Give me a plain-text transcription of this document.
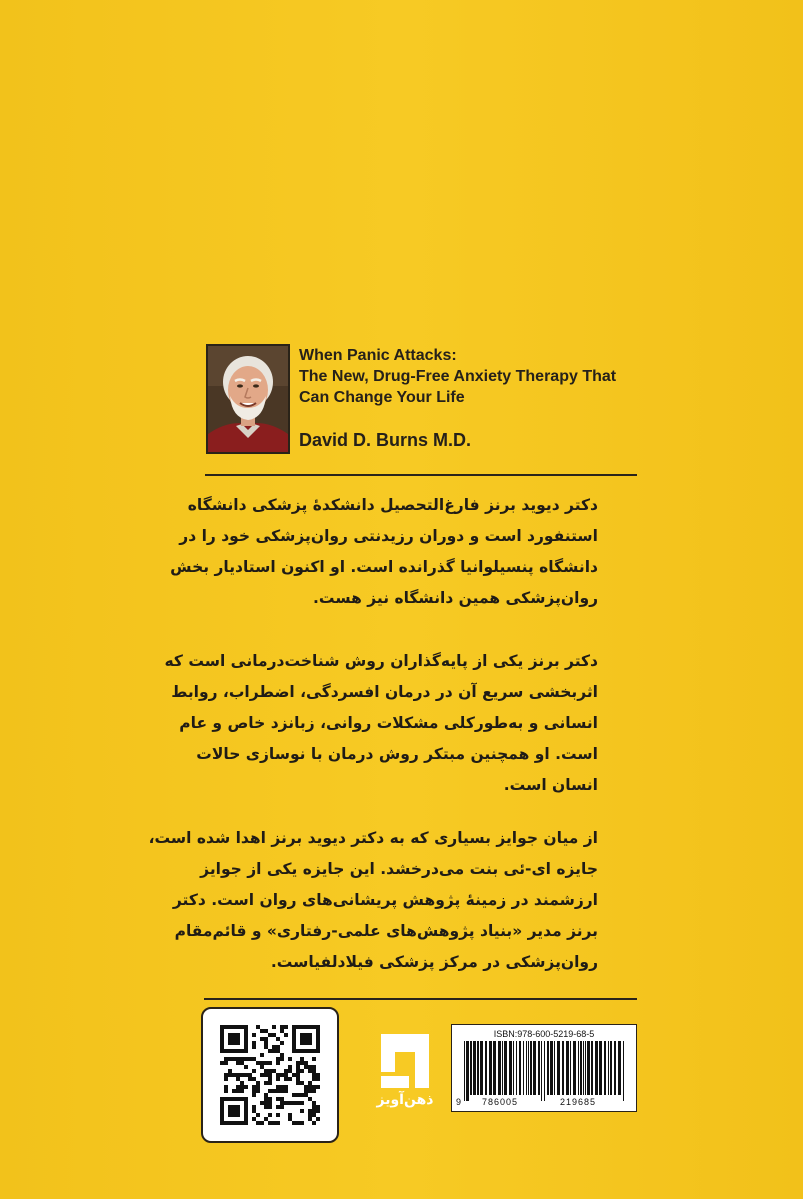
When Panic Attacks:
The New, Drug-Free Anxiety Therapy That
Can Change Your Life
David D. Burns M.D.
دکتر دیوید برنز فارغ‌التحصیل دانشکدهٔ پزشکی دانشگاه
استنفورد است و دوران رزیدنتی روان‌پزشکی خود را در
دانشگاه پنسیلوانیا گذرانده است. او اکنون استادیار بخش
روان‌پزشکی همین دانشگاه نیز هست.
دکتر برنز یکی از پایه‌گذاران روش شناخت‌درمانی است که
اثربخشی سریع آن در درمان افسردگی، اضطراب، روابط
انسانی و به‌طورکلی مشکلات روانی، زبانزد خاص و عام
است. او همچنین مبتکر روش درمان با نوسازی حالات
انسان است.
از میان جوایز بسیاری که به دکتر دیوید برنز اهدا شده است،
جایزه ای-ئی بنت می‌درخشد. این جایزه یکی از جوایز
ارزشمند در زمینهٔ پژوهش پریشانی‌های روان است. دکتر
برنز مدیر «بنیاد پژوهش‌های علمی-رفتاری» و قائم‌مقام
روان‌پزشکی در مرکز پزشکی فیلادلفیاست.
ذهن‌آویز
ISBN:978-600-5219-68-5
9 786005	219685
